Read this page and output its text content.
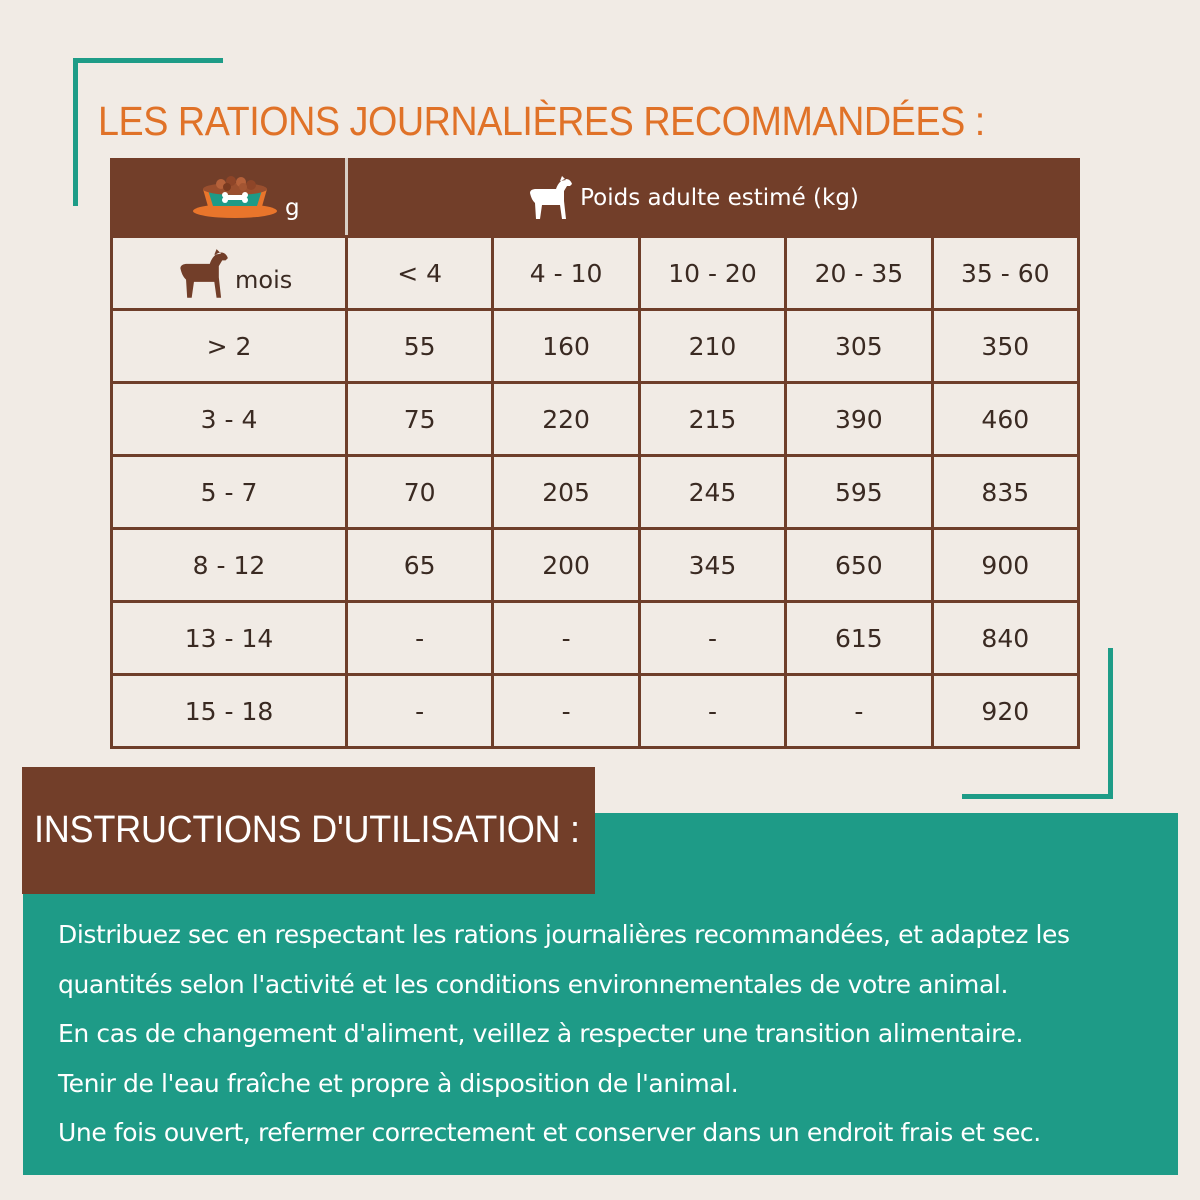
LES RATIONS JOURNALIÈRES RECOMMANDÉES :
g	Poids adulte estimé (kg)				

mois	< 4	4 - 10	10 - 20	20 - 35	35 - 60
> 2	55	160	210	305	350
3 - 4	75	220	215	390	460
5 - 7	70	205	245	595	835
8 - 12	65	200	345	650	900
13 - 14	-	-	-	615	840
15 - 18	-	-	-	-	920
INSTRUCTIONS D'UTILISATION :
Distribuez sec en respectant les rations journalières recommandées, et adaptez les
quantités selon l'activité et les conditions environnementales de votre animal.
En cas de changement d'aliment, veillez à respecter une transition alimentaire.
Tenir de l'eau fraîche et propre à disposition de l'animal.
Une fois ouvert, refermer correctement et conserver dans un endroit frais et sec.
